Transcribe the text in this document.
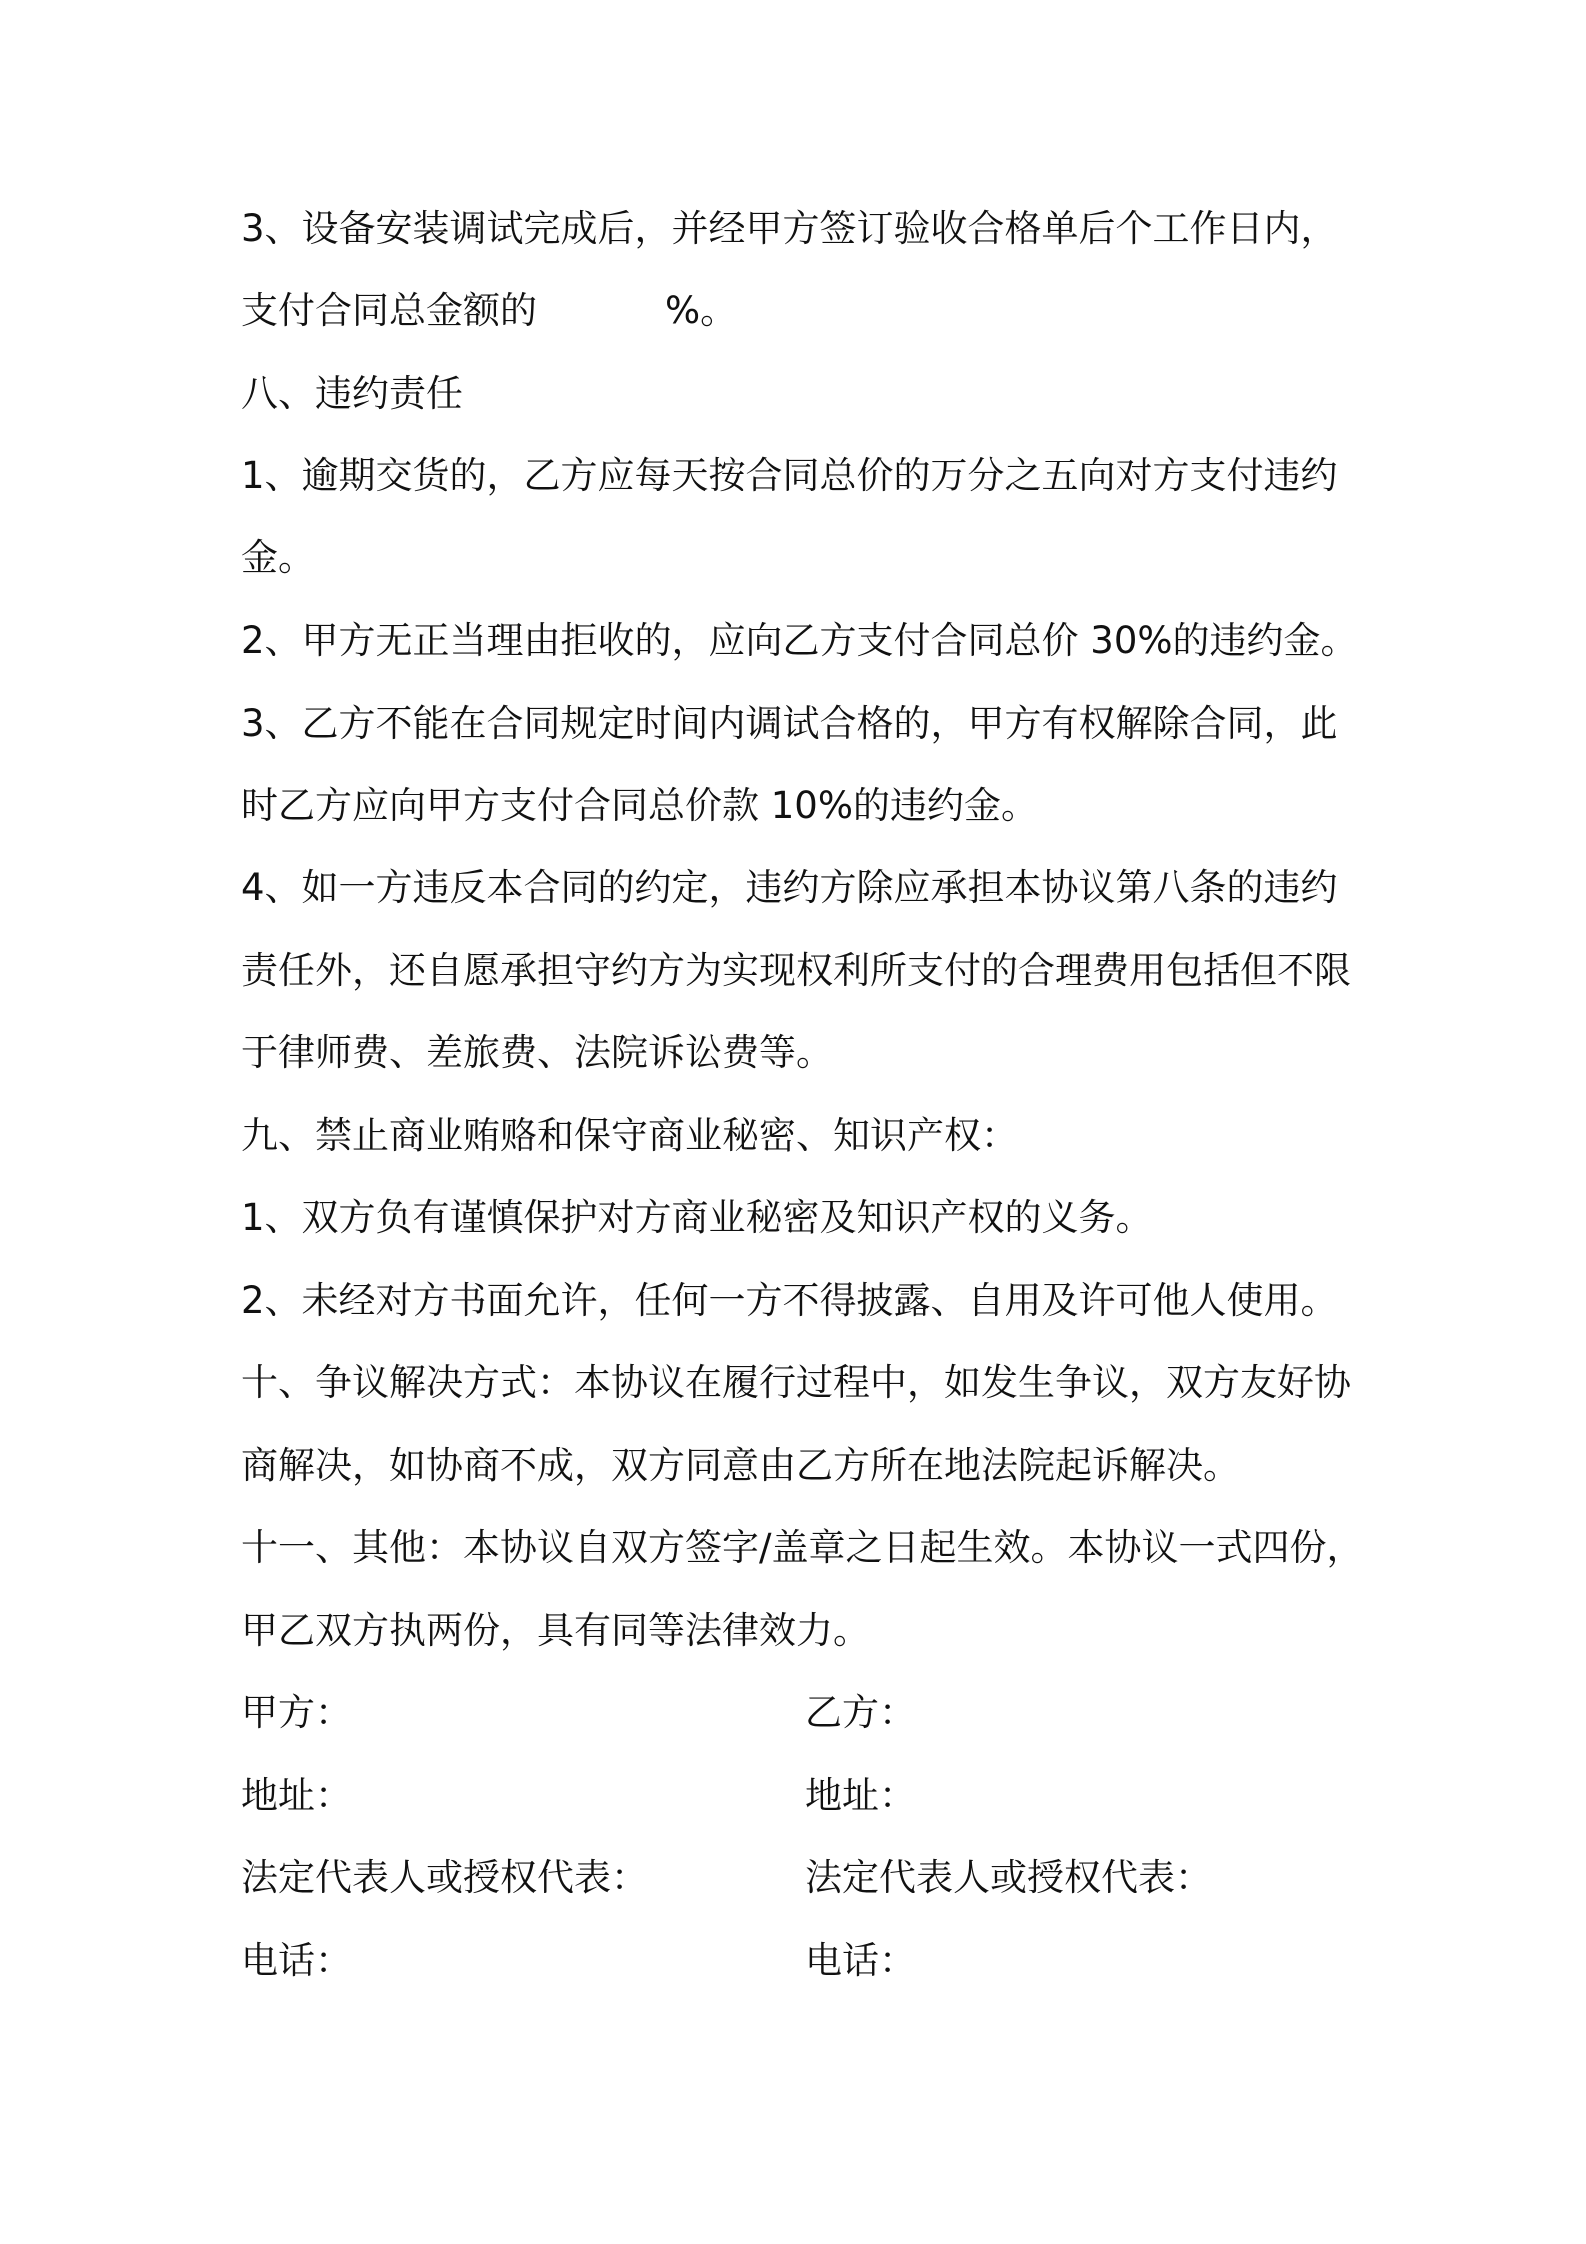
3、设备安装调试完成后，并经甲方签订验收合格单后个工作日内，
支付合同总金额的	%。
八、违约责任
1、逾期交货的，乙方应每天按合同总价的万分之五向对方支付违约
金。
2、甲方无正当理由拒收的，应向乙方支付合同总价 30%的违约金。
3、乙方不能在合同规定时间内调试合格的，甲方有权解除合同，此
时乙方应向甲方支付合同总价款 10%的违约金。
4、如一方违反本合同的约定，违约方除应承担本协议第八条的违约
责任外，还自愿承担守约方为实现权利所支付的合理费用包括但不限
于律师费、差旅费、法院诉讼费等。
九、禁止商业贿赂和保守商业秘密、知识产权：
1、双方负有谨慎保护对方商业秘密及知识产权的义务。
2、未经对方书面允许，任何一方不得披露、自用及许可他人使用。
十、争议解决方式：本协议在履行过程中，如发生争议，双方友好协
商解决，如协商不成，双方同意由乙方所在地法院起诉解决。
十一、其他：本协议自双方签字/盖章之日起生效。本协议一式四份，
甲乙双方执两份，具有同等法律效力。
甲方：	乙方：
地址：	地址：
法定代表人或授权代表：	法定代表人或授权代表：
电话：	电话：
